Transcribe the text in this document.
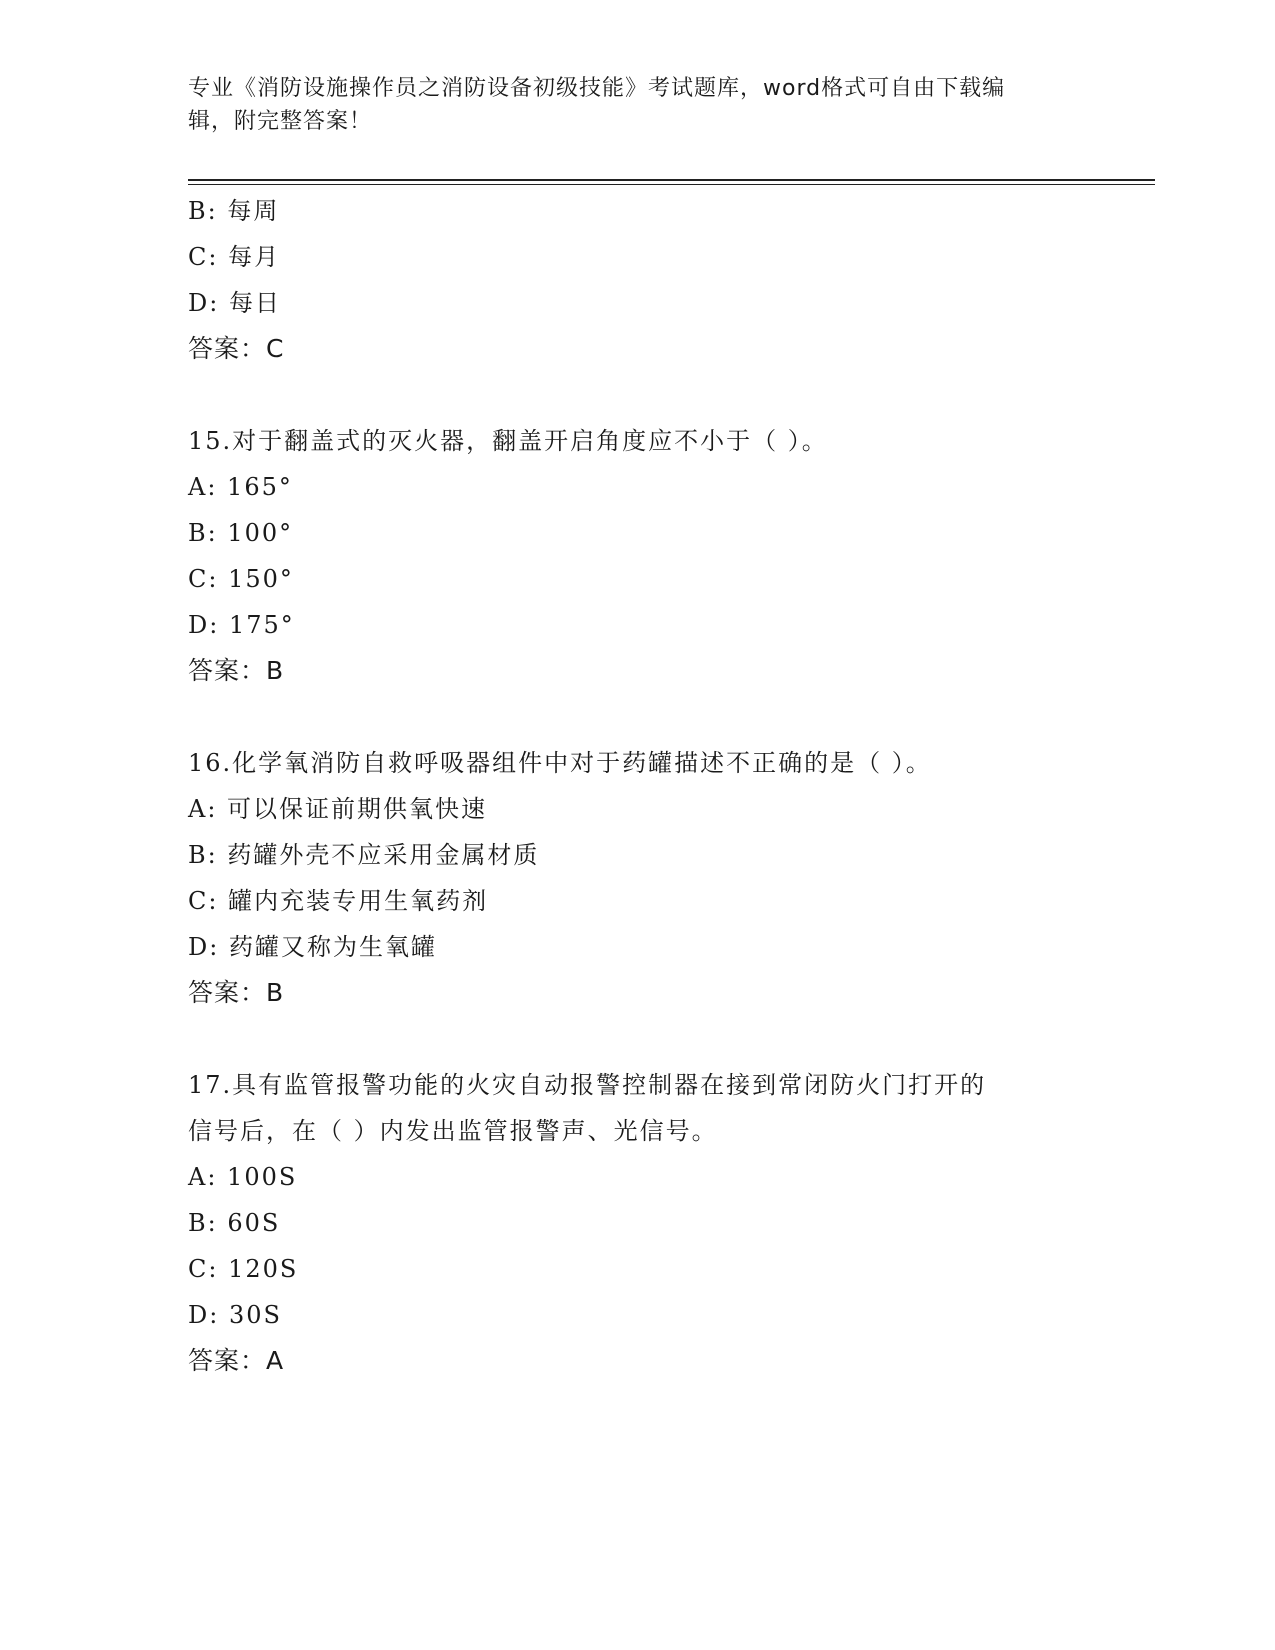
专业《消防设施操作员之消防设备初级技能》考试题库，word格式可自由下载编
辑，附完整答案！
B: 每周
C: 每月
D: 每日
答案：C
15.对于翻盖式的灭火器，翻盖开启角度应不小于（ ）。
A: 165°
B: 100°
C: 150°
D: 175°
答案：B
16.化学氧消防自救呼吸器组件中对于药罐描述不正确的是（ ）。
A: 可以保证前期供氧快速
B: 药罐外壳不应采用金属材质
C: 罐内充装专用生氧药剂
D: 药罐又称为生氧罐
答案：B
17.具有监管报警功能的火灾自动报警控制器在接到常闭防火门打开的
信号后，在（ ）内发出监管报警声、光信号。
A: 100S
B: 60S
C: 120S
D: 30S
答案：A
